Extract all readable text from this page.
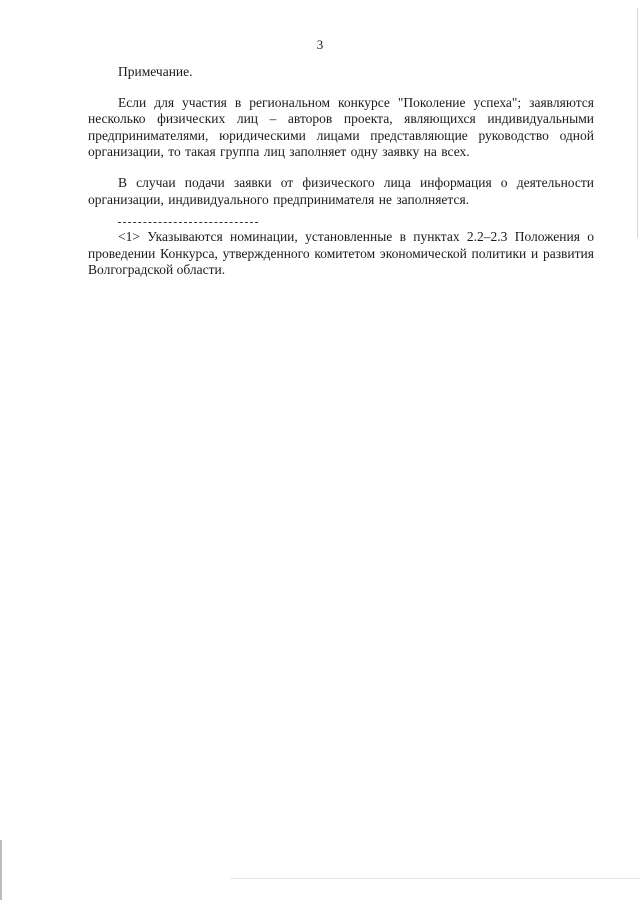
3

Примечание.

Если для участия в региональном конкурсе "Поколение успеха"; заявляются несколько физических лиц – авторов проекта, являющихся индивидуальными предпринимателями, юридическими лицами представляющие руководство одной организации, то такая группа лиц заполняет одну заявку на всех.

В случаи подачи заявки от физического лица информация о деятельности организации, индивидуального предпринимателя не заполняется.

<1> Указываются номинации, установленные в пунктах 2.2–2.3 Положения о проведении Конкурса, утвержденного комитетом экономической политики и развития Волгоградской области.
